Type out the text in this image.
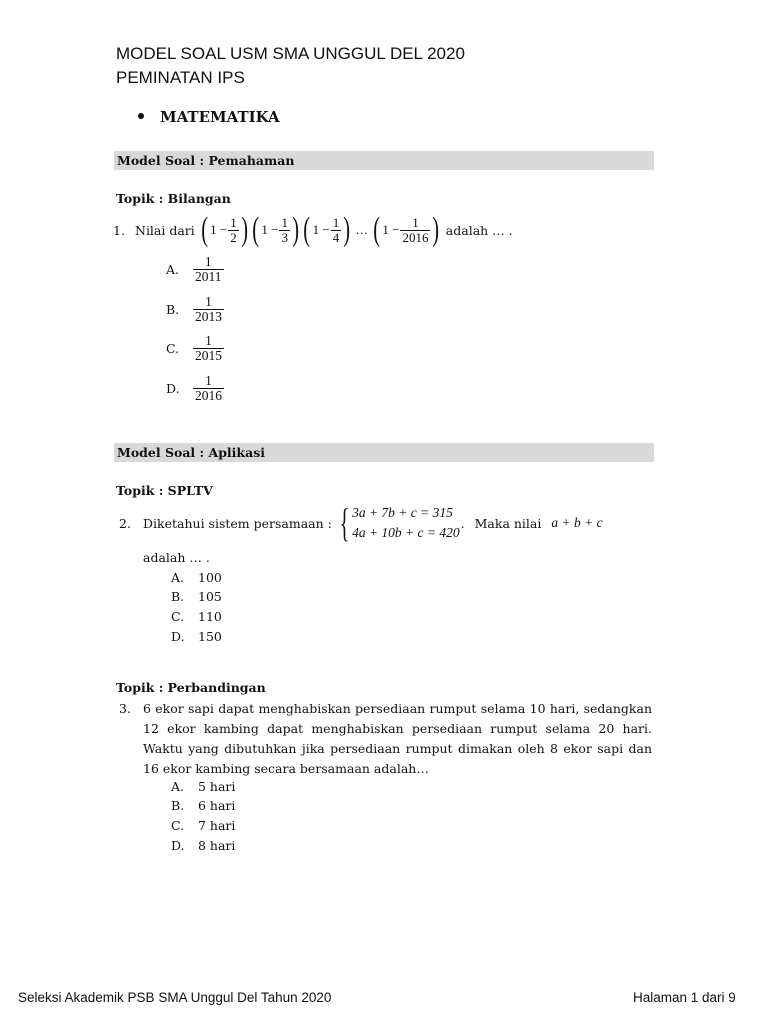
MODEL SOAL USM SMA UNGGUL DEL 2020
PEMINATAN IPS
MATEMATIKA
Model Soal : Pemahaman
Topik : Bilangan
1. Nilai dari ( $1 - \frac{1}{2}$ ) ( $1 - \frac{1}{3}$ ) ( $1 - \frac{1}{4}$ ) … ( $1 - \frac{1}{2016}$ ) adalah … .
A.	$\frac{1}{2011}$
B.	$\frac{1}{2013}$
C.	$\frac{1}{2015}$
D. $\frac{1}{2016}$
Model Soal : Aplikasi
Topik : SPLTV
2. Diketahui sistem persamaan : { 3a + 7b + c = 315
4a + 10b + c = 420
. Maka nilai a + b + c
adalah … .
A. 100
B. 105
C. 110
D. 150
Topik : Perbandingan
3. 6 ekor sapi dapat menghabiskan persediaan rumput selama 10 hari, sedangkan 12 ekor kambing dapat menghabiskan persediaan rumput selama 20 hari. Waktu yang dibutuhkan jika persediaan rumput dimakan oleh 8 ekor sapi dan 16 ekor kambing secara bersamaan adalah…
A. 5 hari
B. 6 hari
C. 7 hari
D. 8 hari
Seleksi Akademik PSB SMA Unggul Del Tahun 2020	Halaman 1 dari 9
